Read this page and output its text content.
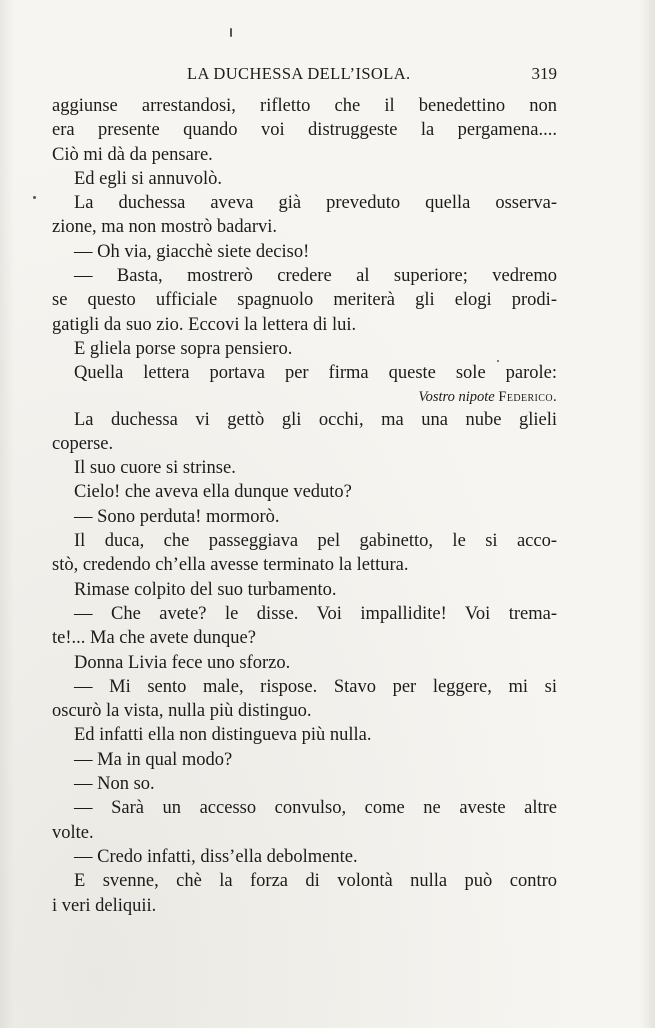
LA DUCHESSA DELL’ISOLA.	319
aggiunse arrestandosi, rifletto che il benedettino non
era presente quando voi distruggeste la pergamena....
Ciò mi dà da pensare.
Ed egli si annuvolò.
La duchessa aveva già preveduto quella osserva-
zione, ma non mostrò badarvi.
— Oh via, giacchè siete deciso!
— Basta, mostrerò credere al superiore; vedremo
se questo ufficiale spagnuolo meriterà gli elogi prodi-
gatigli da suo zio. Eccovi la lettera di lui.
E gliela porse sopra pensiero.
Quella lettera portava per firma queste sole parole:
Vostro nipote Federico.
La duchessa vi gettò gli occhi, ma una nube glieli
coperse.
Il suo cuore si strinse.
Cielo! che aveva ella dunque veduto?
— Sono perduta! mormorò.
Il duca, che passeggiava pel gabinetto, le si acco-
stò, credendo ch’ella avesse terminato la lettura.
Rimase colpito del suo turbamento.
— Che avete? le disse. Voi impallidite! Voi trema-
te!... Ma che avete dunque?
Donna Livia fece uno sforzo.
— Mi sento male, rispose. Stavo per leggere, mi si
oscurò la vista, nulla più distinguo.
Ed infatti ella non distingueva più nulla.
— Ma in qual modo?
— Non so.
— Sarà un accesso convulso, come ne aveste altre
volte.
— Credo infatti, diss’ella debolmente.
E svenne, chè la forza di volontà nulla può contro
i veri deliquii.
